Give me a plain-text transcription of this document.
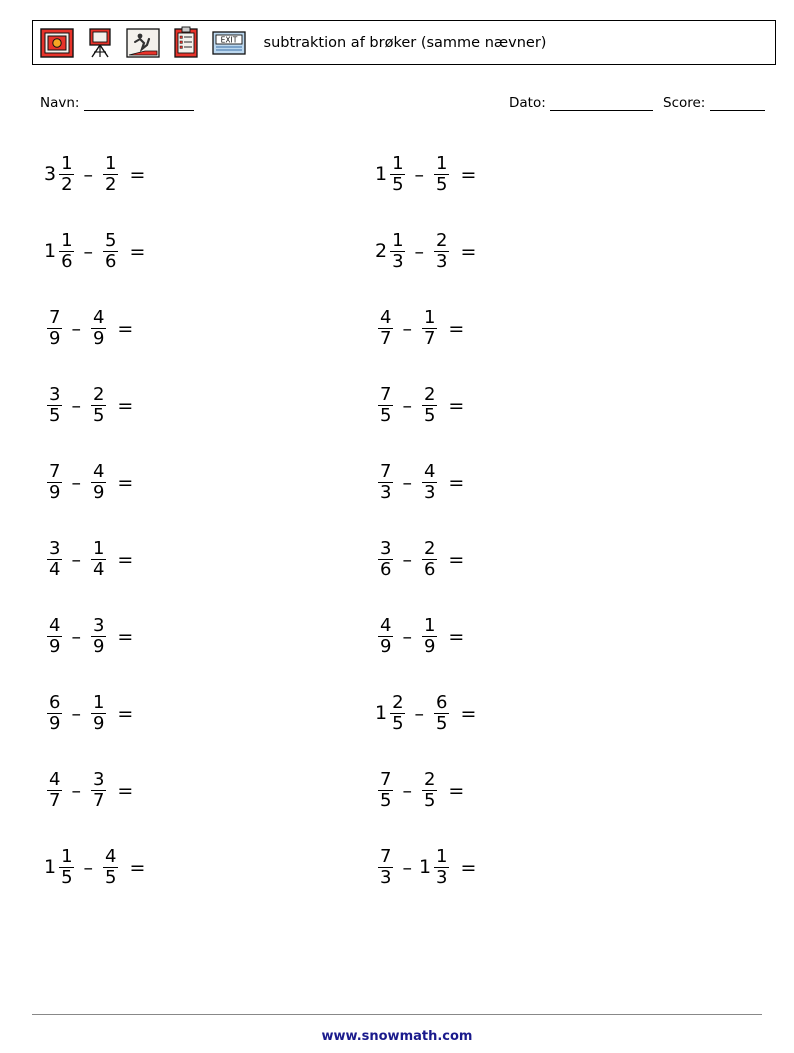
EXIT	subtraktion af brøker (samme nævner)
Navn:	Dato:	Score:
$3 \frac{1}{2} - \frac{1}{2}$ =	$1 \frac{1}{5} - \frac{1}{5}$ =
$1 \frac{1}{6} - \frac{5}{6}$ =	$2 \frac{1}{3} - \frac{2}{3}$ =
$\frac{7}{9} - \frac{4}{9}$ =	$\frac{4}{7} - \frac{1}{7}$ =
$\frac{3}{5} - \frac{2}{5}$ =	$\frac{7}{5} - \frac{2}{5}$ =
$\frac{7}{9} - \frac{4}{9}$ =	$\frac{7}{3} - \frac{4}{3}$ =
$\frac{3}{4} - \frac{1}{4}$ =	$\frac{3}{6} - \frac{2}{6}$ =
$\frac{4}{9} - \frac{3}{9}$ =	$\frac{4}{9} - \frac{1}{9}$ =
$\frac{6}{9} - \frac{1}{9}$ =	$1 \frac{2}{5} - \frac{6}{5}$ =
$\frac{4}{7} - \frac{3}{7}$ =	$\frac{7}{5} - \frac{2}{5}$ =
$1 \frac{1}{5} - \frac{4}{5}$ =	$\frac{7}{3} - 1 \frac{1}{3}$ =
www.snowmath.com
